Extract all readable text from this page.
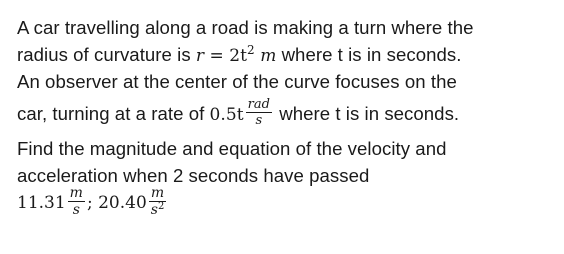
A car travelling along a road is making a turn where the
radius of curvature is $r = 2t^2$ m where t is in seconds.
An observer at the center of the curve focuses on the
car, turning at a rate of $0.5t \frac{\text{rad}}{s}$ where t is in seconds.
Find the magnitude and equation of the velocity and
acceleration when 2 seconds have passed
$11.31 \frac{m}{s}$ ; $20.40 \frac{m}{s^2}$
